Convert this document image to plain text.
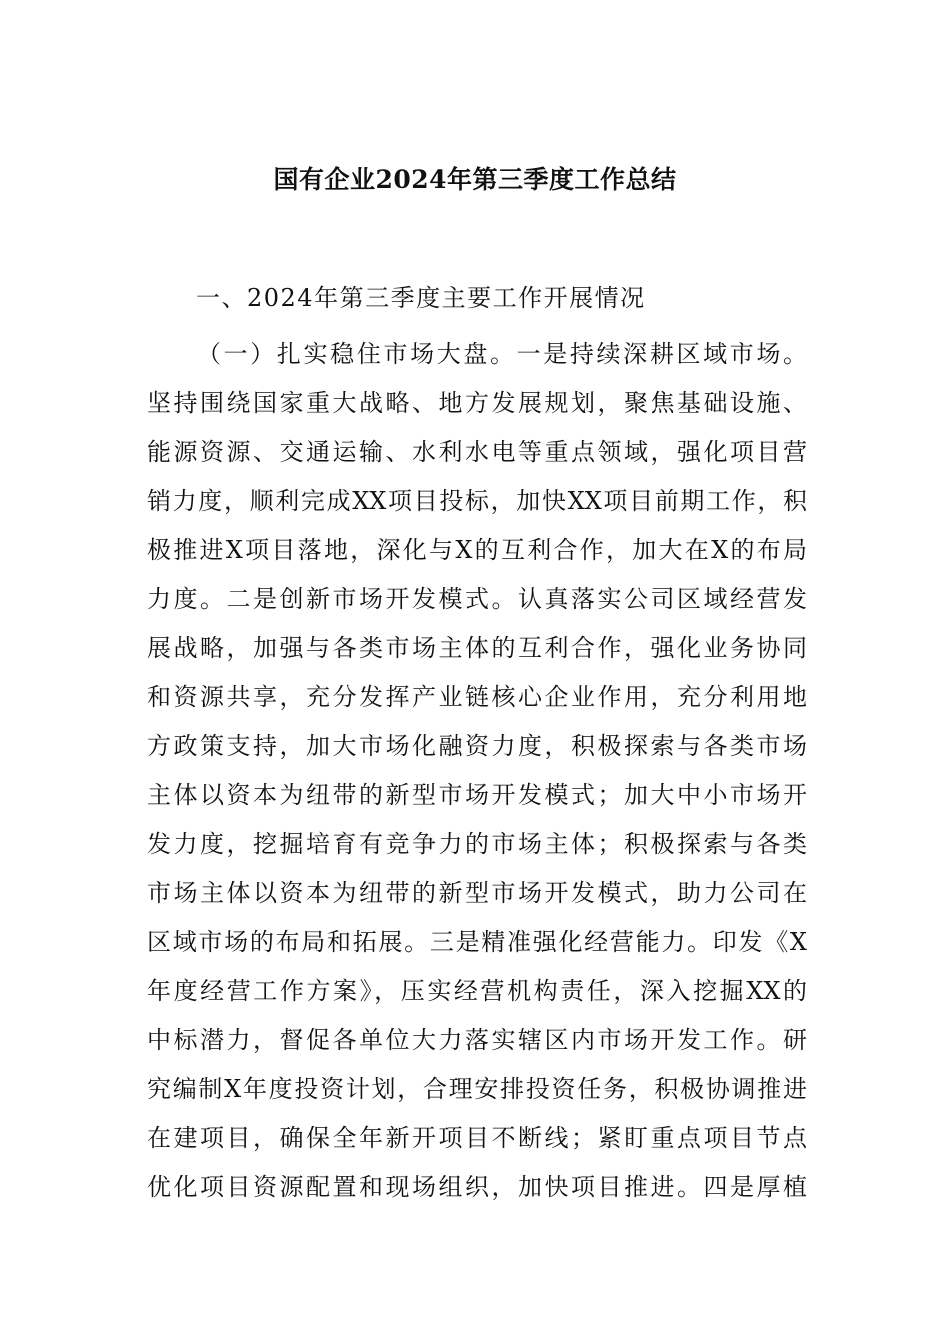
国有企业2024年第三季度工作总结

一、2024年第三季度主要工作开展情况

（一）扎实稳住市场大盘。一是持续深耕区域市场。
坚持围绕国家重大战略、地方发展规划，聚焦基础设施、
能源资源、交通运输、水利水电等重点领域，强化项目营
销力度，顺利完成XX项目投标，加快XX项目前期工作，积
极推进X项目落地，深化与X的互利合作，加大在X的布局
力度。二是创新市场开发模式。认真落实公司区域经营发
展战略，加强与各类市场主体的互利合作，强化业务协同
和资源共享，充分发挥产业链核心企业作用，充分利用地
方政策支持，加大市场化融资力度，积极探索与各类市场
主体以资本为纽带的新型市场开发模式；加大中小市场开
发力度，挖掘培育有竞争力的市场主体；积极探索与各类
市场主体以资本为纽带的新型市场开发模式，助力公司在
区域市场的布局和拓展。三是精准强化经营能力。印发《X
年度经营工作方案》，压实经营机构责任，深入挖掘XX的
中标潜力，督促各单位大力落实辖区内市场开发工作。研
究编制X年度投资计划，合理安排投资任务，积极协调推进
在建项目，确保全年新开项目不断线；紧盯重点项目节点
优化项目资源配置和现场组织，加快项目推进。四是厚植
